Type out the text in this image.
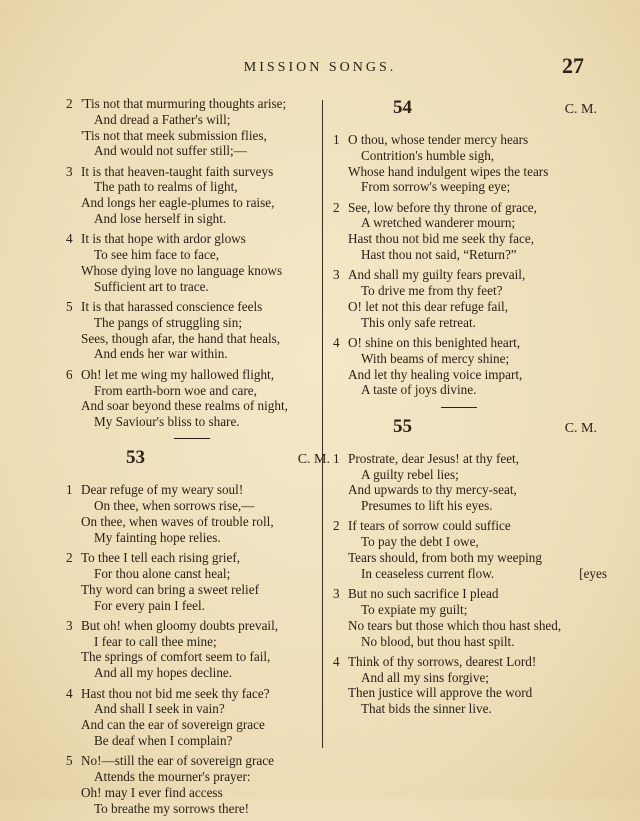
MISSION SONGS.	27
2 'Tis not that murmuring thoughts arise;
And dread a Father's will;
'Tis not that meek submission flies,
And would not suffer still;—
3 It is that heaven-taught faith surveys
The path to realms of light,
And longs her eagle-plumes to raise,
And lose herself in sight.
4 It is that hope with ardor glows
To see him face to face,
Whose dying love no language knows
Sufficient art to trace.
5 It is that harassed conscience feels
The pangs of struggling sin;
Sees, though afar, the hand that heals,
And ends her war within.
6 Oh! let me wing my hallowed flight,
From earth-born woe and care,
And soar beyond these realms of night,
My Saviour's bliss to share.
53	C. M.
1 Dear refuge of my weary soul!
On thee, when sorrows rise,—
On thee, when waves of trouble roll,
My fainting hope relies.
2 To thee I tell each rising grief,
For thou alone canst heal;
Thy word can bring a sweet relief
For every pain I feel.
3 But oh! when gloomy doubts prevail,
I fear to call thee mine;
The springs of comfort seem to fail,
And all my hopes decline.
4 Hast thou not bid me seek thy face?
And shall I seek in vain?
And can the ear of sovereign grace
Be deaf when I complain?
5 No!—still the ear of sovereign grace
Attends the mourner's prayer:
Oh! may I ever find access
To breathe my sorrows there!
54	C. M.
1 O thou, whose tender mercy hears
Contrition's humble sigh,
Whose hand indulgent wipes the tears
From sorrow's weeping eye;
2 See, low before thy throne of grace,
A wretched wanderer mourn;
Hast thou not bid me seek thy face,
Hast thou not said, “Return?”
3 And shall my guilty fears prevail,
To drive me from thy feet?
O! let not this dear refuge fail,
This only safe retreat.
4 O! shine on this benighted heart,
With beams of mercy shine;
And let thy healing voice impart,
A taste of joys divine.
55	C. M.
1 Prostrate, dear Jesus! at thy feet,
A guilty rebel lies;
And upwards to thy mercy-seat,
Presumes to lift his eyes.
2 If tears of sorrow could suffice
To pay the debt I owe,
Tears should, from both my weeping
In ceaseless current flow.	[eyes
3 But no such sacrifice I plead
To expiate my guilt;
No tears but those which thou hast shed,
No blood, but thou hast spilt.
4 Think of thy sorrows, dearest Lord!
And all my sins forgive;
Then justice will approve the word
That bids the sinner live.
